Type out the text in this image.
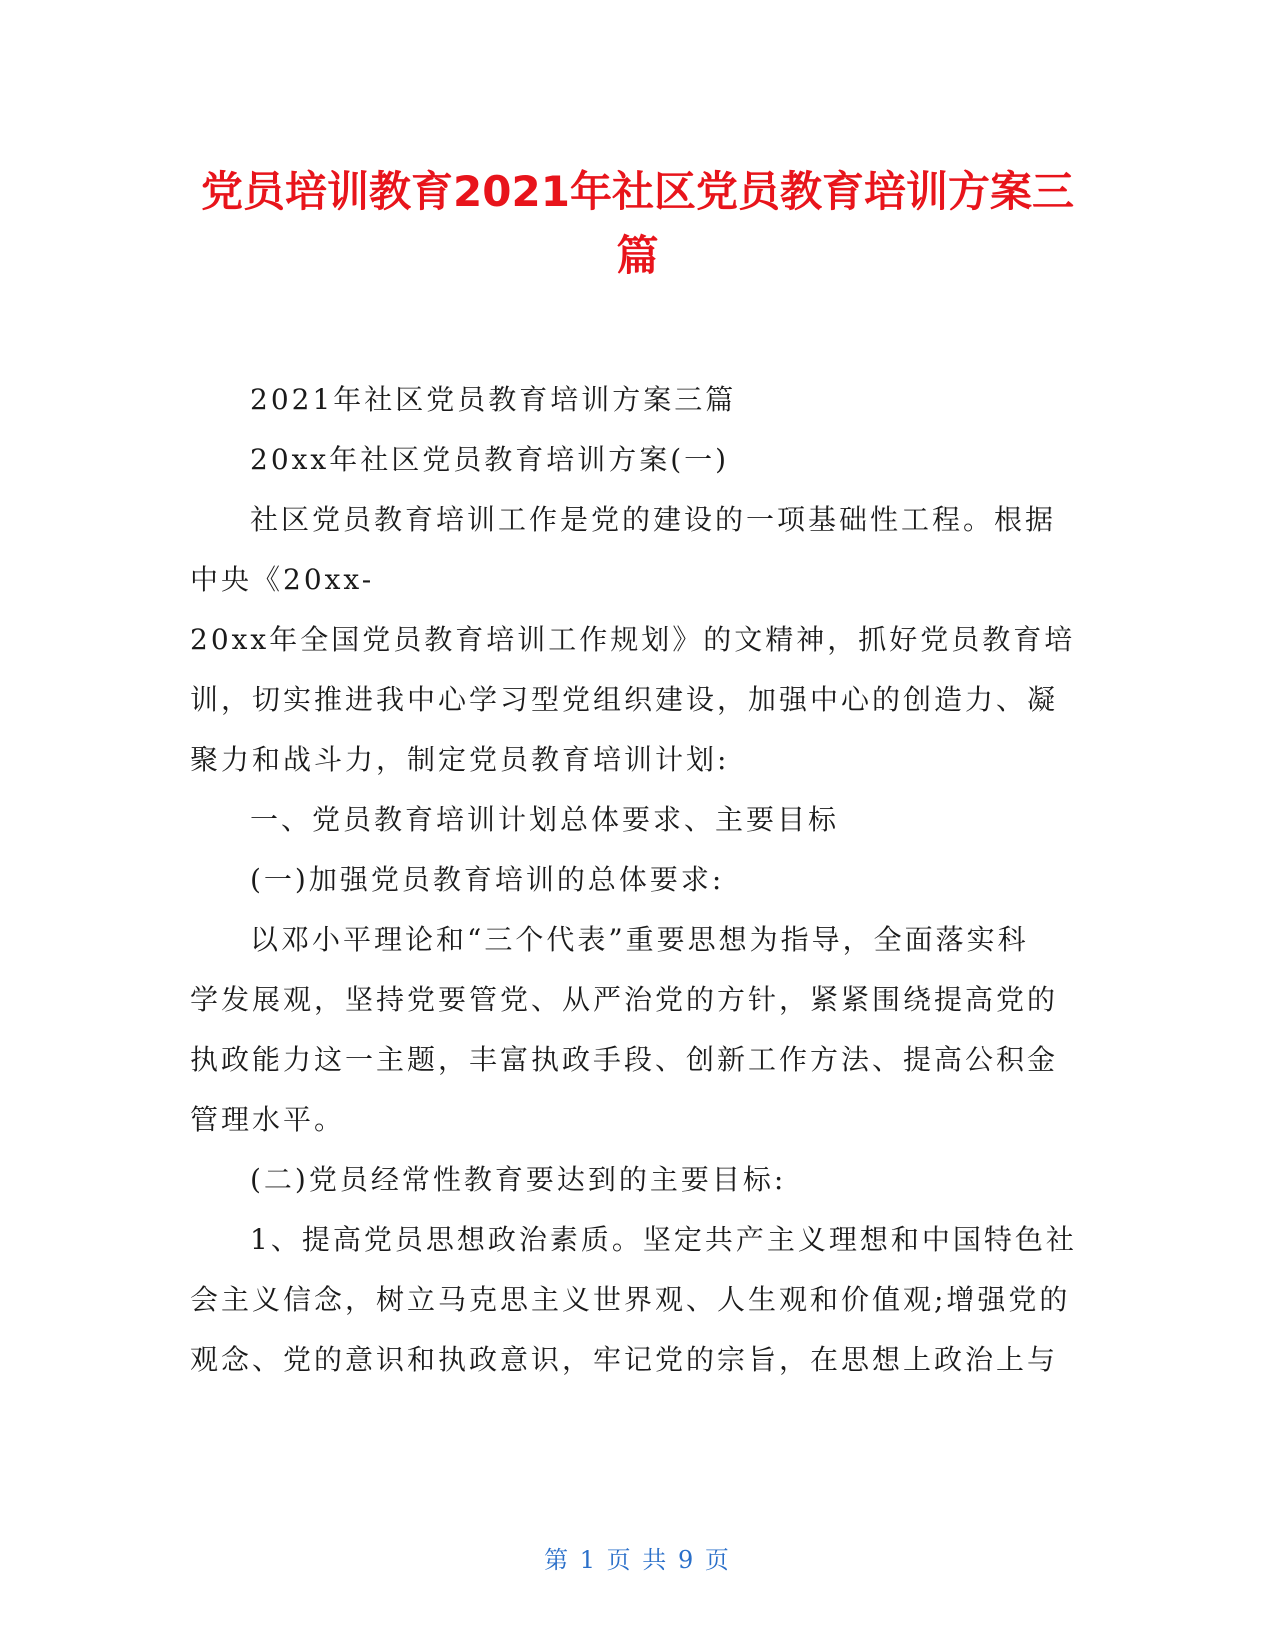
党员培训教育2021年社区党员教育培训方案三
篇

2021年社区党员教育培训方案三篇

20xx年社区党员教育培训方案(一)

社区党员教育培训工作是党的建设的一项基础性工程。根据

中央《20xx-

20xx年全国党员教育培训工作规划》的文精神，抓好党员教育培

训，切实推进我中心学习型党组织建设，加强中心的创造力、凝

聚力和战斗力，制定党员教育培训计划:

一、党员教育培训计划总体要求、主要目标

(一)加强党员教育培训的总体要求:

以邓小平理论和“三个代表”重要思想为指导，全面落实科

学发展观，坚持党要管党、从严治党的方针，紧紧围绕提高党的

执政能力这一主题，丰富执政手段、创新工作方法、提高公积金

管理水平。

(二)党员经常性教育要达到的主要目标:

1、提高党员思想政治素质。坚定共产主义理想和中国特色社

会主义信念，树立马克思主义世界观、人生观和价值观;增强党的

观念、党的意识和执政意识，牢记党的宗旨，在思想上政治上与

第 1 页 共 9 页
